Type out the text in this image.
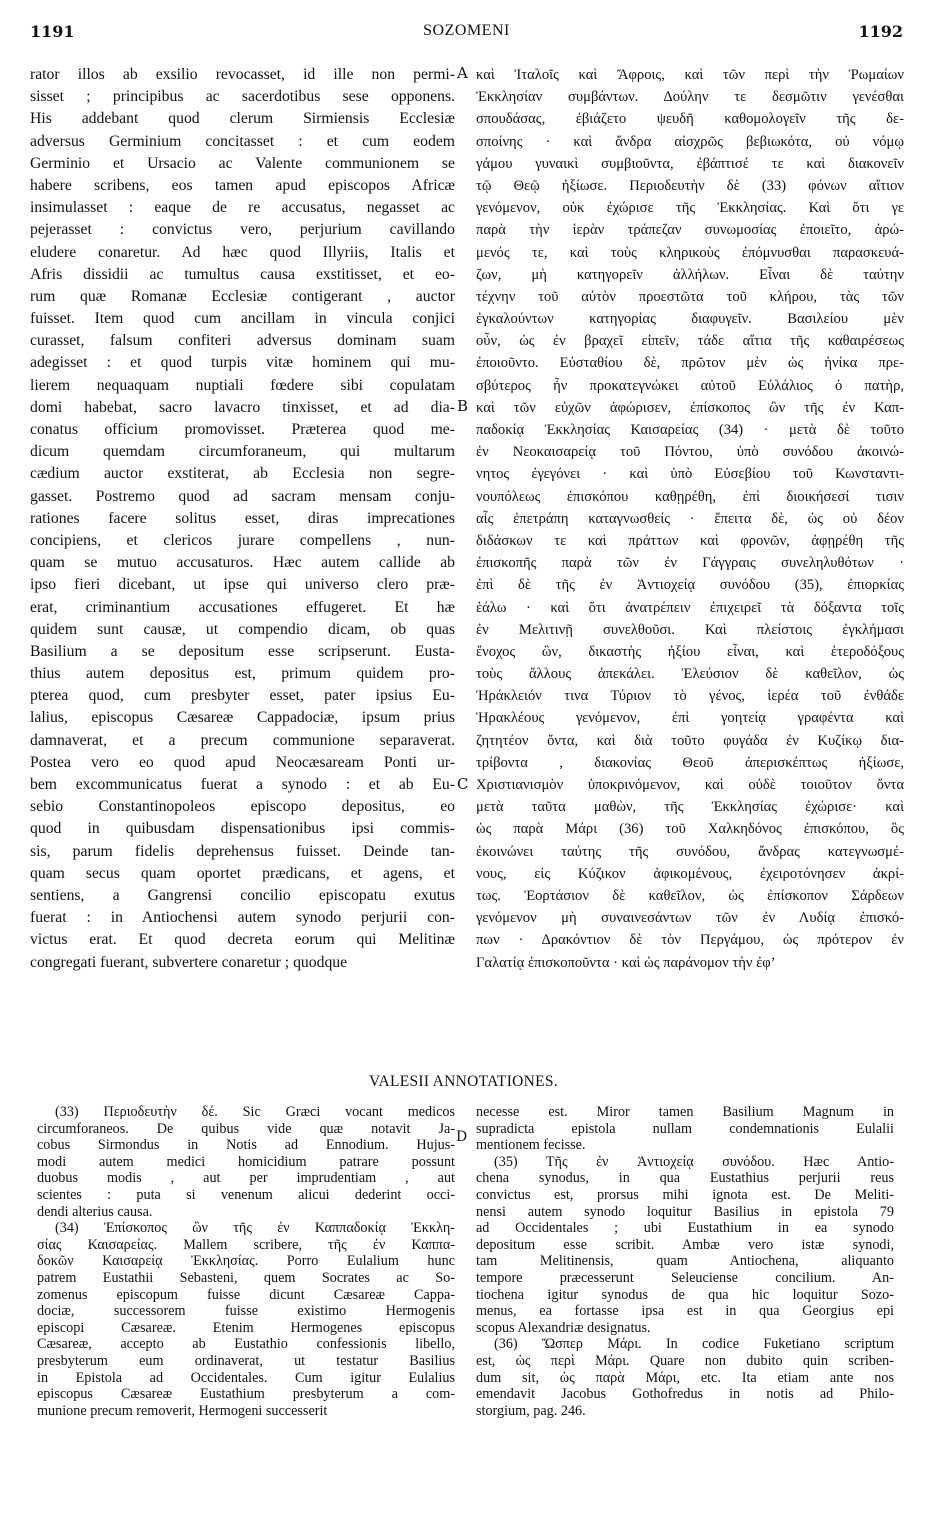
1191	SOZOMENI	1192
rator illos ab exsilio revocasset, id ille non permi-
sisset ; principibus ac sacerdotibus sese opponens.
His addebant quod clerum Sirmiensis Ecclesiæ
adversus Germinium concitasset : et cum eodem
Germinio et Ursacio ac Valente communionem se
habere scribens, eos tamen apud episcopos Africæ
insimulasset : eaque de re accusatus, negasset ac
pejerasset : convictus vero, perjurium cavillando
eludere conaretur. Ad hæc quod Illyriis, Italis et
Afris dissidii ac tumultus causa exstitisset, et eo-
rum quæ Romanæ Ecclesiæ contigerant , auctor
fuisset. Item quod cum ancillam in vincula conjici
curasset, falsum confiteri adversus dominam suam
adegisset : et quod turpis vitæ hominem qui mu-
lierem nequaquam nuptiali fœdere sibi copulatam
domi habebat, sacro lavacro tinxisset, et ad dia-
conatus officium promovisset. Præterea quod me-
dicum quemdam circumforaneum, qui multarum
cædium auctor exstiterat, ab Ecclesia non segre-
gasset. Postremo quod ad sacram mensam conju-
rationes facere solitus esset, diras imprecationes
concipiens, et clericos jurare compellens , nun-
quam se mutuo accusaturos. Hæc autem callide ab
ipso fieri dicebant, ut ipse qui universo clero præ-
erat, criminantium accusationes effugeret. Et hæ
quidem sunt causæ, ut compendio dicam, ob quas
Basilium a se depositum esse scripserunt. Eusta-
thius autem depositus est, primum quidem pro-
pterea quod, cum presbyter esset, pater ipsius Eu-
lalius, episcopus Cæsareæ Cappadociæ, ipsum prius
damnaverat, et a precum communione separaverat.
Postea vero eo quod apud Neocæsaream Ponti ur-
bem excommunicatus fuerat a synodo : et ab Eu-
sebio Constantinopoleos episcopo depositus, eo
quod in quibusdam dispensationibus ipsi commis-
sis, parum fidelis deprehensus fuisset. Deinde tan-
quam secus quam oportet prædicans, et agens, et
sentiens, a Gangrensi concilio episcopatu exutus
fuerat : in Antiochensi autem synodo perjurii con-
victus erat. Et quod decreta eorum qui Melitinæ
congregati fuerant, subvertere conaretur ; quodque
καὶ Ἰταλοῖς καὶ Ἄφροις, καὶ τῶν περὶ τὴν Ῥωμαίων
Ἐκκλησίαν συμβάντων. Δούλην τε δεσμῶτιν γενέσθαι
σπουδάσας, ἐβιάζετο ψευδῆ καθομολογεῖν τῆς δε-
σποίνης · καὶ ἄνδρα αἰσχρῶς βεβιωκότα, οὐ νόμῳ
γάμου γυναικὶ συμβιοῦντα, ἐβάπτισέ τε καὶ διακονεῖν
τῷ Θεῷ ἠξίωσε. Περιοδευτὴν δὲ (33) φόνων αἴτιον
γενόμενον, οὐκ ἐχώρισε τῆς Ἐκκλησίας. Καὶ ὅτι γε
παρὰ τὴν ἱερὰν τράπεζαν συνωμοσίας ἐποιεῖτο, ἀρώ-
μενός τε, καὶ τοὺς κληρικοὺς ἐπόμνυσθαι παρασκευά-
ζων, μὴ κατηγορεῖν ἀλλήλων. Εἶναι δὲ ταύτην
τέχνην τοῦ αὐτὸν προεστῶτα τοῦ κλήρου, τὰς τῶν
ἐγκαλούντων κατηγορίας διαφυγεῖν. Βασιλείου μὲν
οὖν, ὡς ἐν βραχεῖ εἰπεῖν, τάδε αἴτια τῆς καθαιρέσεως
ἐποιοῦντο. Εὐσταθίου δὲ, πρῶτον μὲν ὡς ἡνίκα πρε-
σβύτερος ἦν προκατεγνώκει αὐτοῦ Εὐλάλιος ὁ πατὴρ,
καὶ τῶν εὐχῶν ἀφώρισεν, ἐπίσκοπος ὢν τῆς ἐν Καπ-
παδοκίᾳ Ἐκκλησίας Καισαρείας (34) · μετὰ δὲ τοῦτο
ἐν Νεοκαισαρείᾳ τοῦ Πόντου, ὑπὸ συνόδου ἀκοινώ-
νητος ἐγεγόνει · καὶ ὑπὸ Εὐσεβίου τοῦ Κωνσταντι-
νουπόλεως ἐπισκόπου καθῃρέθη, ἐπὶ διοικήσεσί τισιν
αἷς ἐπετράπη καταγνωσθείς · ἔπειτα δὲ, ὡς οὐ δέον
διδάσκων τε καὶ πράττων καὶ φρονῶν, ἀφῃρέθη τῆς
ἐπισκοπῆς παρὰ τῶν ἐν Γάγγραις συνεληλυθότων ·
ἐπὶ δὲ τῆς ἐν Ἀντιοχείᾳ συνόδου (35), ἐπιορκίας
ἑάλω · καὶ ὅτι ἀνατρέπειν ἐπιχειρεῖ τὰ δόξαντα τοῖς
ἐν Μελιτινῇ συνελθοῦσι. Καὶ πλείστοις ἐγκλήμασι
ἔνοχος ὢν, δικαστὴς ἠξίου εἶναι, καὶ ἑτεροδόξους
τοὺς ἄλλους ἀπεκάλει. Ἐλεύσιον δὲ καθεῖλον, ὡς
Ἡράκλειόν τινα Τύριον τὸ γένος, ἱερέα τοῦ ἐνθάδε
Ἡρακλέους γενόμενον, ἐπὶ γοητείᾳ γραφέντα καὶ
ζητητέον ὄντα, καὶ διὰ τοῦτο φυγάδα ἐν Κυζίκῳ δια-
τρίβοντα , διακονίας Θεοῦ ἀπερισκέπτως ἠξίωσε,
Χριστιανισμὸν ὑποκρινόμενον, καὶ οὐδὲ τοιοῦτον ὄντα
μετὰ ταῦτα μαθὼν, τῆς Ἐκκλησίας ἐχώρισε· καὶ
ὡς παρὰ Μάρι (36) τοῦ Χαλκηδόνος ἐπισκόπου, ὃς
ἐκοινώνει ταύτης τῆς συνόδου, ἄνδρας κατεγνωσμέ-
νους, εἰς Κύζικον ἀφικομένους, ἐχειροτόνησεν ἀκρί-
τως. Ἑορτάσιον δὲ καθεῖλον, ὡς ἐπίσκοπον Σάρδεων
γενόμενον μὴ συναινεσάντων τῶν ἐν Λυδίᾳ ἐπισκό-
πων · Δρακόντιον δὲ τὸν Περγάμου, ὡς πρότερον ἐν
Γαλατίᾳ ἐπισκοποῦντα · καὶ ὡς παράνομον τὴν ἐφ’
A
B
C
D
VALESII ANNOTATIONES.
(33) Περιοδευτὴν δέ. Sic Græci vocant medicos
circumforaneos. De quibus vide quæ notavit Ja-
cobus Sirmondus in Notis ad Ennodium. Hujus-
modi autem medici homicidium patrare possunt
duobus modis , aut per imprudentiam , aut
scientes : puta si venenum alicui dederint occi-
dendi alterius causa.
(34) Ἐπίσκοπος ὢν τῆς ἐν Καππαδοκίᾳ Ἐκκλη-
σίας Καισαρείας. Mallem scribere, τῆς ἐν Καππα-
δοκῶν Καισαρείᾳ Ἐκκλησίας. Porro Eulalium hunc
patrem Eustathii Sebasteni, quem Socrates ac So-
zomenus episcopum fuisse dicunt Cæsareæ Cappa-
dociæ, successorem fuisse existimo Hermogenis
episcopi Cæsareæ. Etenim Hermogenes episcopus
Cæsareæ, accepto ab Eustathio confessionis libello,
presbyterum eum ordinaverat, ut testatur Basilius
in Epistola ad Occidentales. Cum igitur Eulalius
episcopus Cæsareæ Eustathium presbyterum a com-
munione precum removerit, Hermogeni successerit
necesse est. Miror tamen Basilium Magnum in
supradicta epistola nullam condemnationis Eulalii
mentionem fecisse.
(35) Τῆς ἐν Ἀντιοχείᾳ συνόδου. Hæc Antio-
chena synodus, in qua Eustathius perjurii reus
convictus est, prorsus mihi ignota est. De Meliti-
nensi autem synodo loquitur Basilius in epistola 79
ad Occidentales ; ubi Eustathium in ea synodo
depositum esse scribit. Ambæ vero istæ synodi,
tam Melitinensis, quam Antiochena, aliquanto
tempore præcesserunt Seleuciense concilium. An-
tiochena igitur synodus de qua hic loquitur Sozo-
menus, ea fortasse ipsa est in qua Georgius epi
scopus Alexandriæ designatus.
(36) Ὥσπερ Μάρι. In codice Fuketiano scriptum
est, ὡς περὶ Μάρι. Quare non dubito quin scriben-
dum sit, ὡς παρὰ Μάρι, etc. Ita etiam ante nos
emendavit Jacobus Gothofredus in notis ad Philo-
storgium, pag. 246.
